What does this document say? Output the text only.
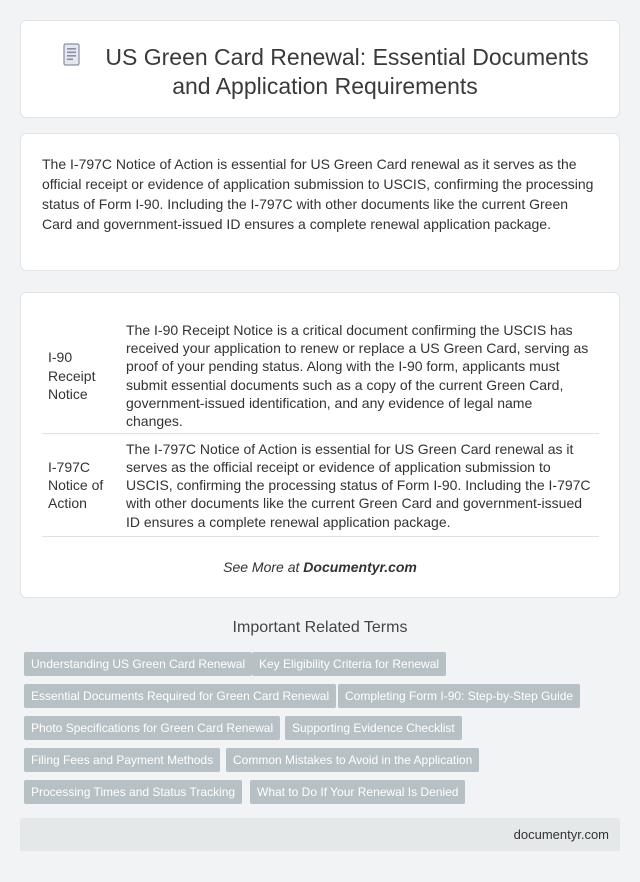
US Green Card Renewal: Essential Documents
and Application Requirements

The I-797C Notice of Action is essential for US Green Card renewal as it serves as the official receipt or evidence of application submission to USCIS, confirming the processing status of Form I-90. Including the I-797C with other documents like the current Green Card and government-issued ID ensures a complete renewal application package.

I-90 Receipt Notice	The I-90 Receipt Notice is a critical document confirming the USCIS has received your application to renew or replace a US Green Card, serving as proof of your pending status. Along with the I-90 form, applicants must submit essential documents such as a copy of the current Green Card, government-issued identification, and any evidence of legal name changes.
I-797C Notice of Action	The I-797C Notice of Action is essential for US Green Card renewal as it serves as the official receipt or evidence of application submission to USCIS, confirming the processing status of Form I-90. Including the I-797C with other documents like the current Green Card and government-issued ID ensures a complete renewal application package.
See More at Documentyr.com
Important Related Terms
Understanding US Green Card Renewal	Key Eligibility Criteria for Renewal
Essential Documents Required for Green Card Renewal	Completing Form I-90: Step-by-Step Guide
Photo Specifications for Green Card Renewal	Supporting Evidence Checklist
Filing Fees and Payment Methods	Common Mistakes to Avoid in the Application
Processing Times and Status Tracking	What to Do If Your Renewal Is Denied
documentyr.com
